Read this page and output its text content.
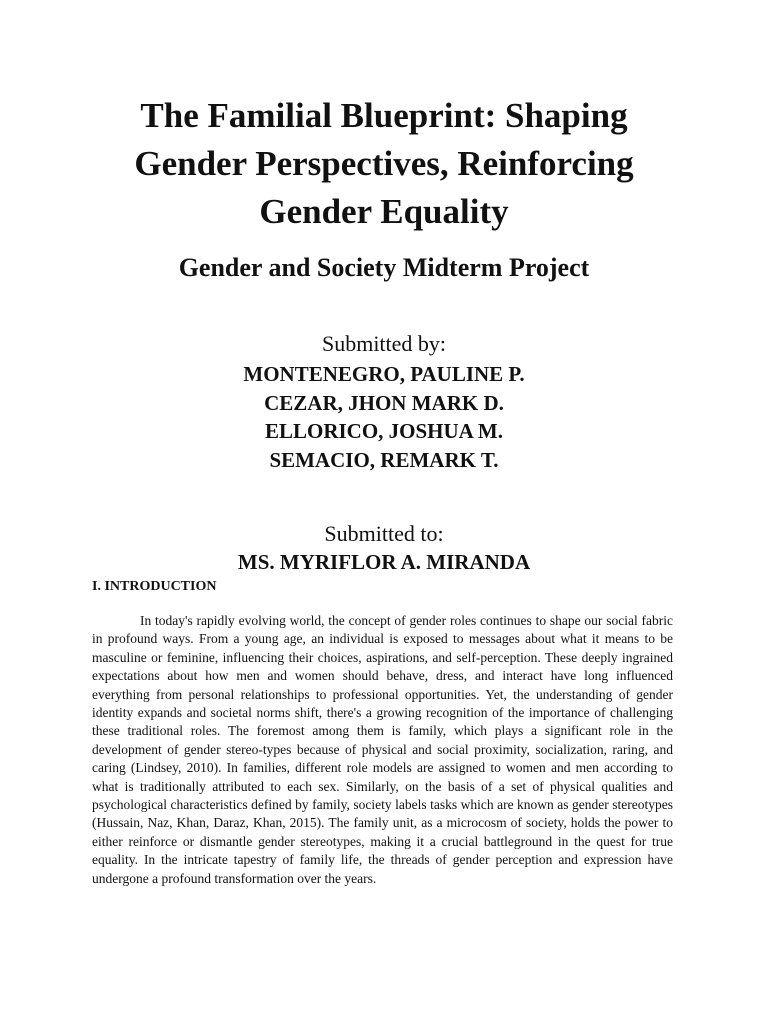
The Familial Blueprint: Shaping Gender Perspectives, Reinforcing Gender Equality
Gender and Society Midterm Project
Submitted by:
MONTENEGRO, PAULINE P.
CEZAR, JHON MARK D.
ELLORICO, JOSHUA M.
SEMACIO, REMARK T.
Submitted to:
MS. MYRIFLOR A. MIRANDA
I. INTRODUCTION

In today's rapidly evolving world, the concept of gender roles continues to shape our social fabric in profound ways. From a young age, an individual is exposed to messages about what it means to be masculine or feminine, influencing their choices, aspirations, and self-perception. These deeply ingrained expectations about how men and women should behave, dress, and interact have long influenced everything from personal relationships to professional opportunities. Yet, the understanding of gender identity expands and societal norms shift, there's a growing recognition of the importance of challenging these traditional roles. The foremost among them is family, which plays a significant role in the development of gender stereo-types because of physical and social proximity, socialization, raring, and caring (Lindsey, 2010). In families, different role models are assigned to women and men according to what is traditionally attributed to each sex. Similarly, on the basis of a set of physical qualities and psychological characteristics defined by family, society labels tasks which are known as gender stereotypes (Hussain, Naz, Khan, Daraz, Khan, 2015). The family unit, as a microcosm of society, holds the power to either reinforce or dismantle gender stereotypes, making it a crucial battleground in the quest for true equality. In the intricate tapestry of family life, the threads of gender perception and expression have undergone a profound transformation over the years.
